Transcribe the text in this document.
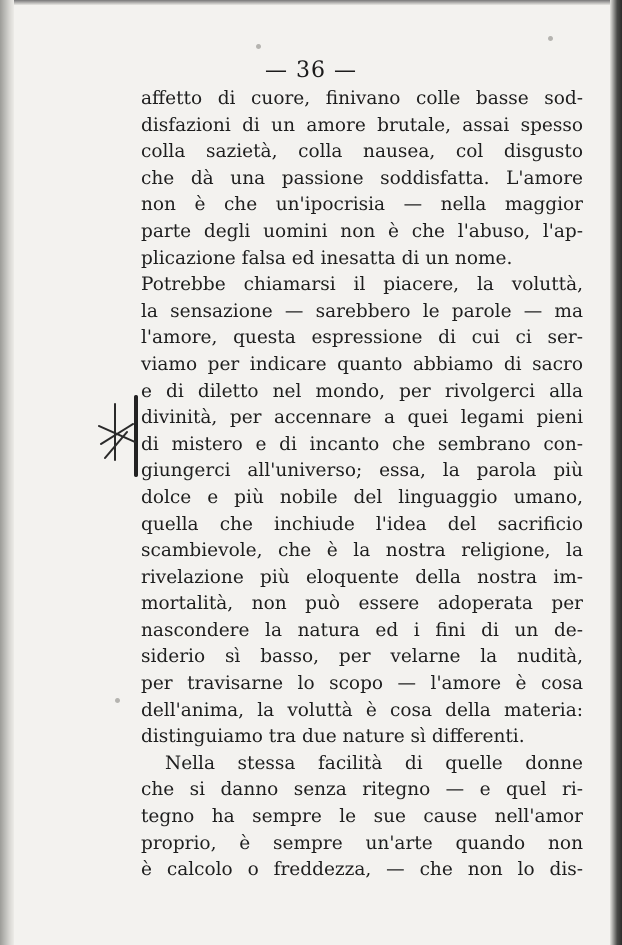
— 36 —
affetto di cuore, finivano colle basse sod-
disfazioni di un amore brutale, assai spesso
colla sazietà, colla nausea, col disgusto
che dà una passione soddisfatta. L'amore
non è che un'ipocrisia — nella maggior
parte degli uomini non è che l'abuso, l'ap-
plicazione falsa ed inesatta di un nome.
Potrebbe chiamarsi il piacere, la voluttà,
la sensazione — sarebbero le parole — ma
l'amore, questa espressione di cui ci ser-
viamo per indicare quanto abbiamo di sacro
e di diletto nel mondo, per rivolgerci alla
divinità, per accennare a quei legami pieni
di mistero e di incanto che sembrano con-
giungerci all'universo; essa, la parola più
dolce e più nobile del linguaggio umano,
quella che inchiude l'idea del sacrificio
scambievole, che è la nostra religione, la
rivelazione più eloquente della nostra im-
mortalità, non può essere adoperata per
nascondere la natura ed i fini di un de-
siderio sì basso, per velarne la nudità,
per travisarne lo scopo — l'amore è cosa
dell'anima, la voluttà è cosa della materia:
distinguiamo tra due nature sì differenti.
Nella stessa facilità di quelle donne
che si danno senza ritegno — e quel ri-
tegno ha sempre le sue cause nell'amor
proprio, è sempre un'arte quando non
è calcolo o freddezza, — che non lo dis-
